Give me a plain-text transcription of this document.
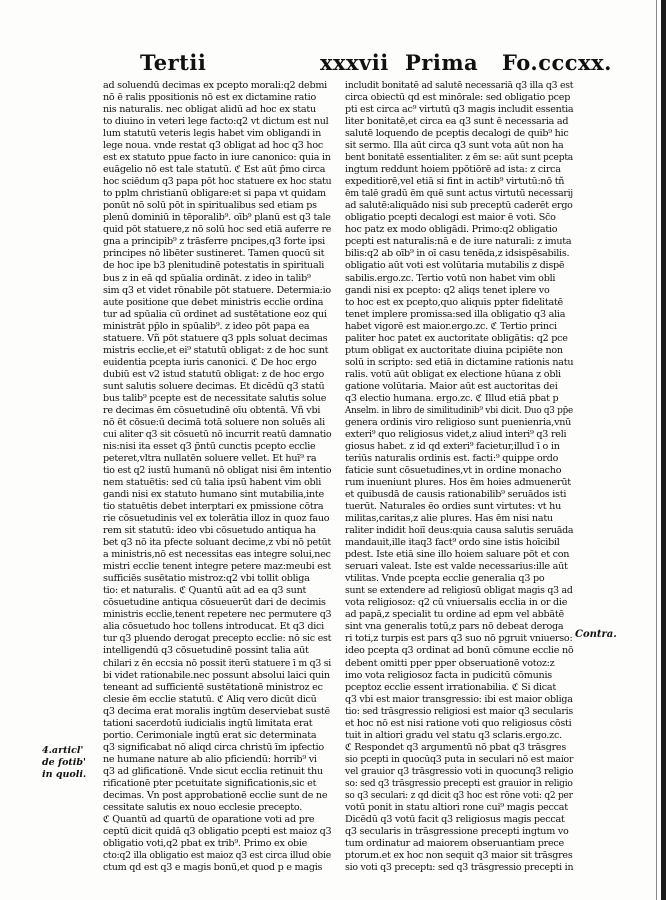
Tertii	xxxvii Prima Fo.cccxx.
ad soluendū decimas ex pcepto morali:q2 debmi
nō ē ralis ppositionis nō est ex dictamine ratio
nis naturalis. nec obligat alidū ad hoc ex statu
to diuino in veteri lege facto:q2 vt dictum est nul
lum statutū veteris legis habet vim obligandi in
lege noua. vnde restat q3 obligat ad hoc q3 hoc
est ex statuto ppue facto in iure canonico: quia in
euāgelio nō est tale statutū. ℭ Est aūt p̄mo circa
hoc sciēdum q3 papa pōt hoc statuere ex hoc statu
to pplm christianū obligare:et si papa vt quidam
ponūt nō solū pōt in spiritualibus sed etiam ps
plenū dominiū in tēporalib⁹. oīb⁹ planū est q3 tale
quid pōt statuere,z nō solū hoc sed etiā auferre re
gna a principib⁹ z trāsferre pncipes,q3 forte ipsi
principes nō libēter sustineret. Tamen quocū sit
de hoc ipe b3 plenitudinē potestatis in spirituali
bus z in eā qd spūalia ordināt. z ideo in talib⁹
sim q3 et videt rōnabile pōt statuere. Determia:io
aute positione que debet ministris ecclie ordina
tur ad spūalia cū ordinet ad sustētatione eoz qui
ministrāt pp̄lo in spūalib⁹. z ideo pōt papa ea
statuere. Vñ pōt statuere q3 ppls soluat decimas
mistris ecclie,et ei⁹ statutū obligat: z de hoc sunt
euidentia pcepta iuris canonici. ℭ De hoc ergo
dubiū est v2 istud statutū obligat: z de hoc ergo
sunt salutis soluere decimas. Et dicēdū q3 statū
bus talib⁹ pcepte est de necessitate salutis solue
re decimas ēm cōsuetudinē oīu obtentā. Vñ vbi
nō ēt cōsue:ū decimā totā soluere non soluēs ali
cui aliter q3 sit cōsuetū nō incurrit reatū damnatio
nis:nisi ita esset q3 p̄ntū cunctis pcepto ecclie
peteret,vltra nullatēn soluere vellet. Et huī⁹ ra
tio est q2 iustū humanū nō obligat nisi ēm intentio
nem statuētis: sed cū talia ipsū habent vim obli
gandi nisi ex statuto humano sint mutabilia,inte
tio statuētis debet interptari ex pmissione cōtra
rie cōsuetudinis vel ex tolerātia illoz in quoz fauo
rem sit statutū: ideo vbi cōsuetudo antiqua ha
bet q3 nō ita pfecte soluant decime,z vbi nō petūt
a ministris,nō est necessitas eas integre solui,nec
mistri ecclie tenent integre petere maz:meubi est
sufficiēs susētatio mistroz:q2 vbi tollit obliga
tio: et naturalis. ℭ Quantū aūt ad ea q3 sunt
cōsuetudine antiqua cōsueuerūt dari de decimis
ministris ecclie,tenent repetere nec permutere q3
alia cōsuetudo hoc tollens introducat. Et q3 dici
tur q3 pluendo derogat precepto ecclie: nō sic est
intelligendū q3 cōsuetudinē possint talia aūt
chilari z ēn eccsia nō possit iterū statuere ī m q3 si
bi videt rationabile.nec possunt absolui laici quin
teneant ad sufficientē sustētationē ministroz ec
clesie ēm ecclie statutū. ℭ Aliq vero dicūt dicū
q3 decima erat moralis ingtūm deserviebat sustē
tationi sacerdotū iudicialis ingtū limitata erat
portio. Cerimoniale ingtū erat sic determinata
q3 significabat nō aliqd circa christū īm ipfectio
ne humane nature ab alio pficiendū: horrib⁹ vi
q3 ad glificationē. Vnde sicut ecclia retinuit thu
rificationē pter pcetuitate significationis,sic et
decimas. Vn post approbationē ecclie sunt de ne
cessitate salutis ex nouo ecclesie precepto.
ℭ Quantū ad quartū de oparatione voti ad pre
ceptū dicit quidā q3 obligatio pcepti est maioz q3
obligatio voti,q2 pbat ex trib⁹. Primo ex obie
cto:q2 illa obligatio est maioz q3 est circa illud obie
ctum qd est q3 e magis bonū,et quod p e magis
includit bonitatē ad salutē necessariā q3 illa q3 est
circa obiectū qd est minōrale: sed obligatio pcep
pti est circa ac⁹ virtutū q3 magis includit essentia
liter bonitatē,et circa ea q3 sunt ē necessaria ad
salutē loquendo de pceptis decalogi de quib⁹ hic
sit sermo. Illa aūt circa q3 sunt vota aūt non ha
bent bonitatē essentialiter. z ēm se: aūt sunt pcepta
ingtum reddunt hoiem ppōtiōrē ad ista: z circa
expeditiorē,vel etiā si fint in actib⁹ virtutū:nō tñ
ēm talē gradū ēm quē sunt actus virtutū necessarij
ad salutē:aliquādo nisi sub preceptū caderēt ergo
obligatio pcepti decalogi est maior ē voti. Sc̄o
hoc patz ex modo obligādi. Primo:q2 obligatio
pcepti est naturalis:nā e de iure naturali: z imuta
bilis:q2 ab oīb⁹ in oī casu tenēda,z idsispēsabilis.
obligatio aūt voti est volūtaria mutabilis z dispē
sabilis.ergo.zc. Tertio votū non habet vim obli
gandi nisi ex pcepto: q2 aliqs tenet iplere vo
to hoc est ex pcepto,quo aliquis ppter fidelitatē
tenet implere promissa:sed illa obligatio q3 alia
habet vigorē est maior.ergo.zc. ℭ Tertio princi
paliter hoc patet ex auctoritate obligātis: q2 pce
ptum obligat ex auctoritate diuina pcipiēte non
solū in scripto: sed etiā in dictamine rationis natu
ralis. votū aūt obligat ex electione hūana z obli
gatione volūtaria. Maior aūt est auctoritas dei
q3 electio humana. ergo.zc. ℭ Illud etiā pbat p
Anselm. in libro de similitudinib⁹ vbi dicit. Duo q3 pp̄e
genera ordinis viro religioso sunt puenienria,vnū
exteri⁹ quo religiosus videt,z aliud interi⁹ q3 reli
giosus habet. z id qd exteri⁹ facietur,illud ī o in
teriūs naturalis ordinis est. facti:⁹ quippe ordo
faticie sunt cōsuetudines,vt in ordine monacho
rum inueniunt plures. Hos ēm hoies admuenerūt
et quibusdā de causis rationabilib⁹ seruādos isti
tuerūt. Naturales ēo ordies sunt virtutes: vt hu
militas,caritas,z alie plures. Has ēm nisi natu
raliter indidit hoiī deus:quia causa salutis seruāda
mandauit,ille itaq3 fact⁹ ordo sine istis hoīcibil
pdest. Iste etiā sine illo hoiem saluare pōt et con
seruari valeat. Iste est valde necessarius:ille aūt
vtilitas. Vnde pcepta ecclie generalia q3 po
sunt se extendere ad religiosū obligat magis q3 ad
vota religiosoz: q2 cū vniuersalis ecclia in or die
ad papā,z specialit tu ordine ad epm vel abbātē
sint vna generalis totū,z pars nō debeat deroga
ri toti,z turpis est pars q3 suo nō pgruit vniuerso:
ideo pcepta q3 ordinat ad bonū cōmune ecclie nō
debent omitti pper pper obseruationē votoz:z
imo vota religiosoz facta in pudicitū cōmunis
pceptoz ecclie essent irrationabilia. ℭ Si dicat
q3 vbi est maior transgressio: ibi est maior obliga
tio: sed trāsgressio religiosi est maior q3 secularis
et hoc nō est nisi ratione voti quo religiosus cōsti
tuit in altiori gradu vel statu q3 sclaris.ergo.zc.
ℭ Respondet q3 argumentū nō pbat q3 trāsgres
sio pcepti in quocūq3 puta in seculari nō est maior
vel grauior q3 trāsgressio voti in quocunq3 religio
so: sed q3 trāsgressio precepti est grauior in religio
so q3 seculari: z qd dicit q3 hoc est rōne voti: q2 per
votū ponit in statu altiori rone cui⁹ magis peccat
Dicēdū q3 votū facit q3 religiosus magis peccat
q3 secularis in trāsgressione precepti ingtum vo
tum ordinatur ad maiorem obseruantiam prece
ptorum.et ex hoc non sequit q3 maior sit trāsgres
sio voti q3 preceptı: sed q3 trāsgressio precepti in
4.articl'
de fotib'
in quoli.
Contra.
